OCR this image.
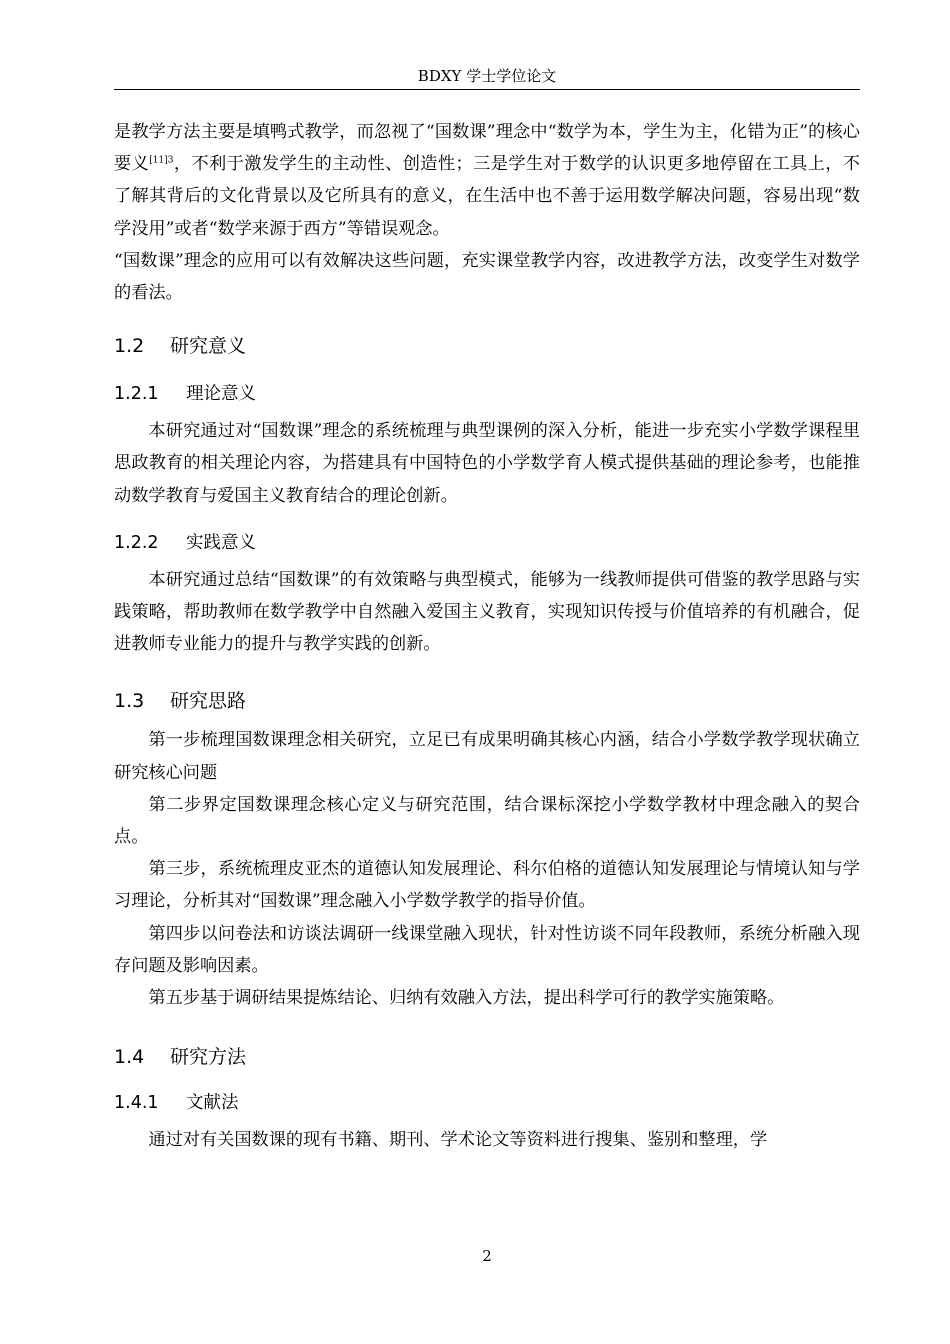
BDXY 学士学位论文

是教学方法主要是填鸭式教学，而忽视了“国数课”理念中“数学为本，学生为主，化错为正”的核心要义$^{[11]3}$，不利于激发学生的主动性、创造性；三是学生对于数学的认识更多地停留在工具上，不了解其背后的文化背景以及它所具有的意义，在生活中也不善于运用数学解决问题，容易出现“数学没用”或者“数学来源于西方”等错误观念。

“国数课”理念的应用可以有效解决这些问题，充实课堂教学内容，改进教学方法，改变学生对数学的看法。

1.2 研究意义
1.2.1 理论意义

本研究通过对“国数课”理念的系统梳理与典型课例的深入分析，能进一步充实小学数学课程里思政教育的相关理论内容，为搭建具有中国特色的小学数学育人模式提供基础的理论参考，也能推动数学教育与爱国主义教育结合的理论创新。

1.2.2 实践意义

本研究通过总结“国数课”的有效策略与典型模式，能够为一线教师提供可借鉴的教学思路与实践策略，帮助教师在数学教学中自然融入爱国主义教育，实现知识传授与价值培养的有机融合，促进教师专业能力的提升与教学实践的创新。

1.3 研究思路

第一步梳理国数课理念相关研究，立足已有成果明确其核心内涵，结合小学数学教学现状确立研究核心问题

第二步界定国数课理念核心定义与研究范围，结合课标深挖小学数学教材中理念融入的契合点。

第三步，系统梳理皮亚杰的道德认知发展理论、科尔伯格的道德认知发展理论与情境认知与学习理论，分析其对“国数课”理念融入小学数学教学的指导价值。

第四步以问卷法和访谈法调研一线课堂融入现状，针对性访谈不同年段教师，系统分析融入现存问题及影响因素。

第五步基于调研结果提炼结论、归纳有效融入方法，提出科学可行的教学实施策略。

1.4 研究方法
1.4.1 文献法

通过对有关国数课的现有书籍、期刊、学术论文等资料进行搜集、鉴别和整理，学

2
